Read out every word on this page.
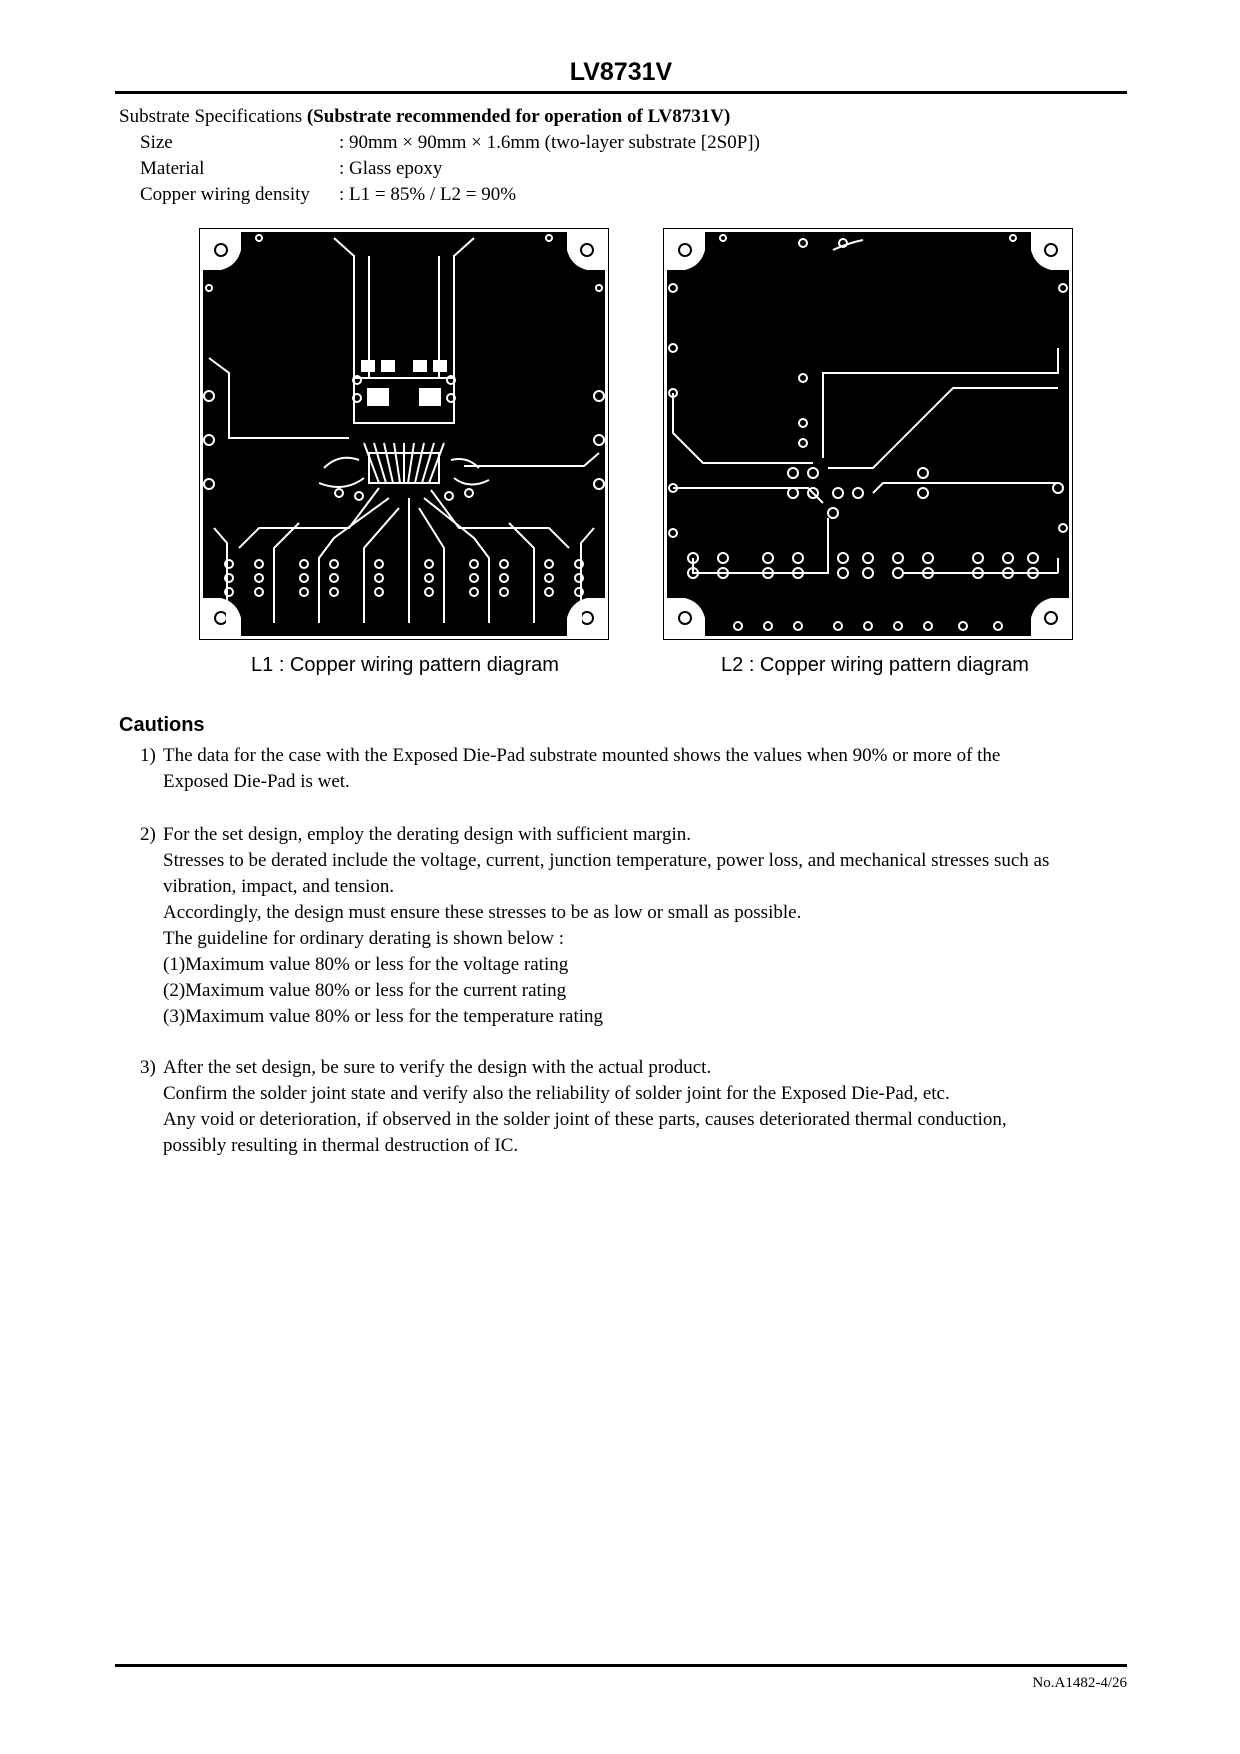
LV8731V
Substrate Specifications (Substrate recommended for operation of LV8731V)
Size	: 90mm × 90mm × 1.6mm (two-layer substrate [2S0P])
Material	: Glass epoxy
Copper wiring density : L1 = 85% / L2 = 90%
L1 : Copper wiring pattern diagram	L2 : Copper wiring pattern diagram
Cautions
1) The data for the case with the Exposed Die-Pad substrate mounted shows the values when 90% or more of the
Exposed Die-Pad is wet.
2) For the set design, employ the derating design with sufficient margin.
Stresses to be derated include the voltage, current, junction temperature, power loss, and mechanical stresses such as
vibration, impact, and tension.
Accordingly, the design must ensure these stresses to be as low or small as possible.
The guideline for ordinary derating is shown below :
(1)Maximum value 80% or less for the voltage rating
(2)Maximum value 80% or less for the current rating
(3)Maximum value 80% or less for the temperature rating
3) After the set design, be sure to verify the design with the actual product.
Confirm the solder joint state and verify also the reliability of solder joint for the Exposed Die-Pad, etc.
Any void or deterioration, if observed in the solder joint of these parts, causes deteriorated thermal conduction,
possibly resulting in thermal destruction of IC.
No.A1482-4/26
